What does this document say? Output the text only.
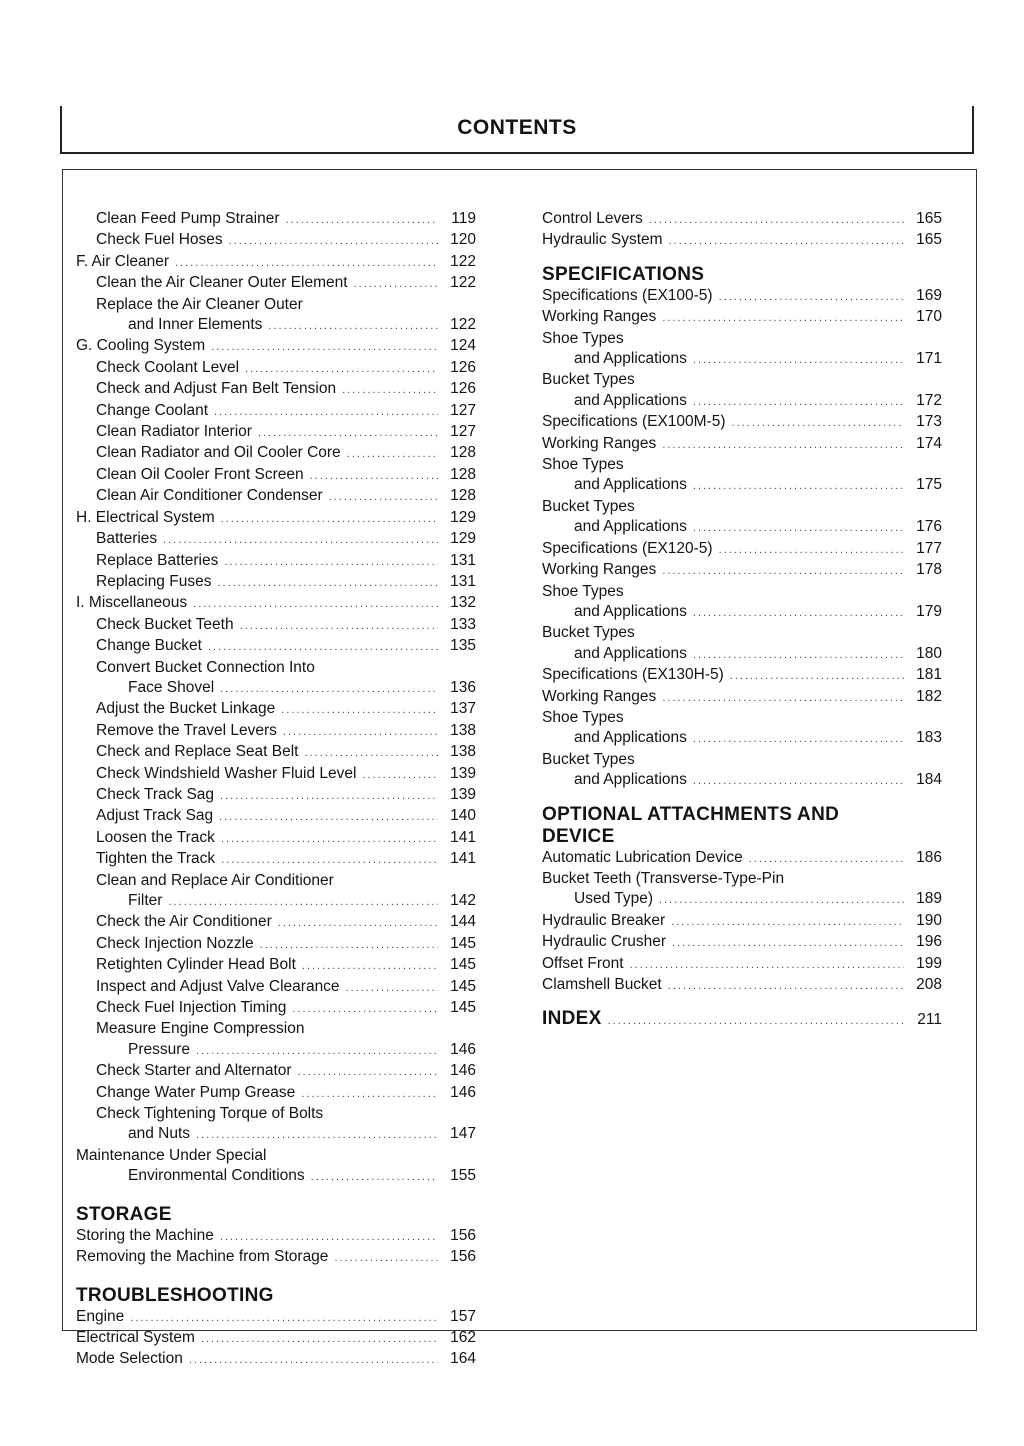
CONTENTS
Clean Feed Pump Strainer .....	119
Check Fuel Hoses .....	120
F. Air Cleaner .....	122
Clean the Air Cleaner Outer Element .....	122
Replace the Air Cleaner Outer
and Inner Elements .....	122
G. Cooling System .....	124
Check Coolant Level .....	126
Check and Adjust Fan Belt Tension .....	126
Change Coolant .....	127
Clean Radiator Interior .....	127
Clean Radiator and Oil Cooler Core .....	128
Clean Oil Cooler Front Screen .....	128
Clean Air Conditioner Condenser .....	128
H. Electrical System .....	129
Batteries .....	129
Replace Batteries .....	131
Replacing Fuses .....	131
I. Miscellaneous .....	132
Check Bucket Teeth .....	133
Change Bucket .....	135
Convert Bucket Connection Into
Face Shovel .....	136
Adjust the Bucket Linkage .....	137
Remove the Travel Levers .....	138
Check and Replace Seat Belt .....	138
Check Windshield Washer Fluid Level .....	139
Check Track Sag .....	139
Adjust Track Sag .....	140
Loosen the Track .....	141
Tighten the Track .....	141
Clean and Replace Air Conditioner
Filter .....	142
Check the Air Conditioner .....	144
Check Injection Nozzle .....	145
Retighten Cylinder Head Bolt .....	145
Inspect and Adjust Valve Clearance .....	145
Check Fuel Injection Timing .....	145
Measure Engine Compression
Pressure .....	146
Check Starter and Alternator .....	146
Change Water Pump Grease .....	146
Check Tightening Torque of Bolts
and Nuts .....	147
Maintenance Under Special
Environmental Conditions .....	155
STORAGE
Storing the Machine .....	156
Removing the Machine from Storage .....	156
TROUBLESHOOTING
Engine .....	157
Electrical System .....	162
Mode Selection .....	164
Control Levers .....	165
Hydraulic System .....	165
SPECIFICATIONS
Specifications (EX100-5) .....	169
Working Ranges .....	170
Shoe Types
and Applications .....	171
Bucket Types
and Applications .....	172
Specifications (EX100M-5) .....	173
Working Ranges .....	174
Shoe Types
and Applications .....	175
Bucket Types
and Applications .....	176
Specifications (EX120-5) .....	177
Working Ranges .....	178
Shoe Types
and Applications .....	179
Bucket Types
and Applications .....	180
Specifications (EX130H-5) .....	181
Working Ranges .....	182
Shoe Types
and Applications .....	183
Bucket Types
and Applications .....	184
OPTIONAL ATTACHMENTS AND
DEVICE
Automatic Lubrication Device .....	186
Bucket Teeth (Transverse-Type-Pin
Used Type) .....	189
Hydraulic Breaker .....	190
Hydraulic Crusher .....	196
Offset Front .....	199
Clamshell Bucket .....	208
INDEX .....	211
